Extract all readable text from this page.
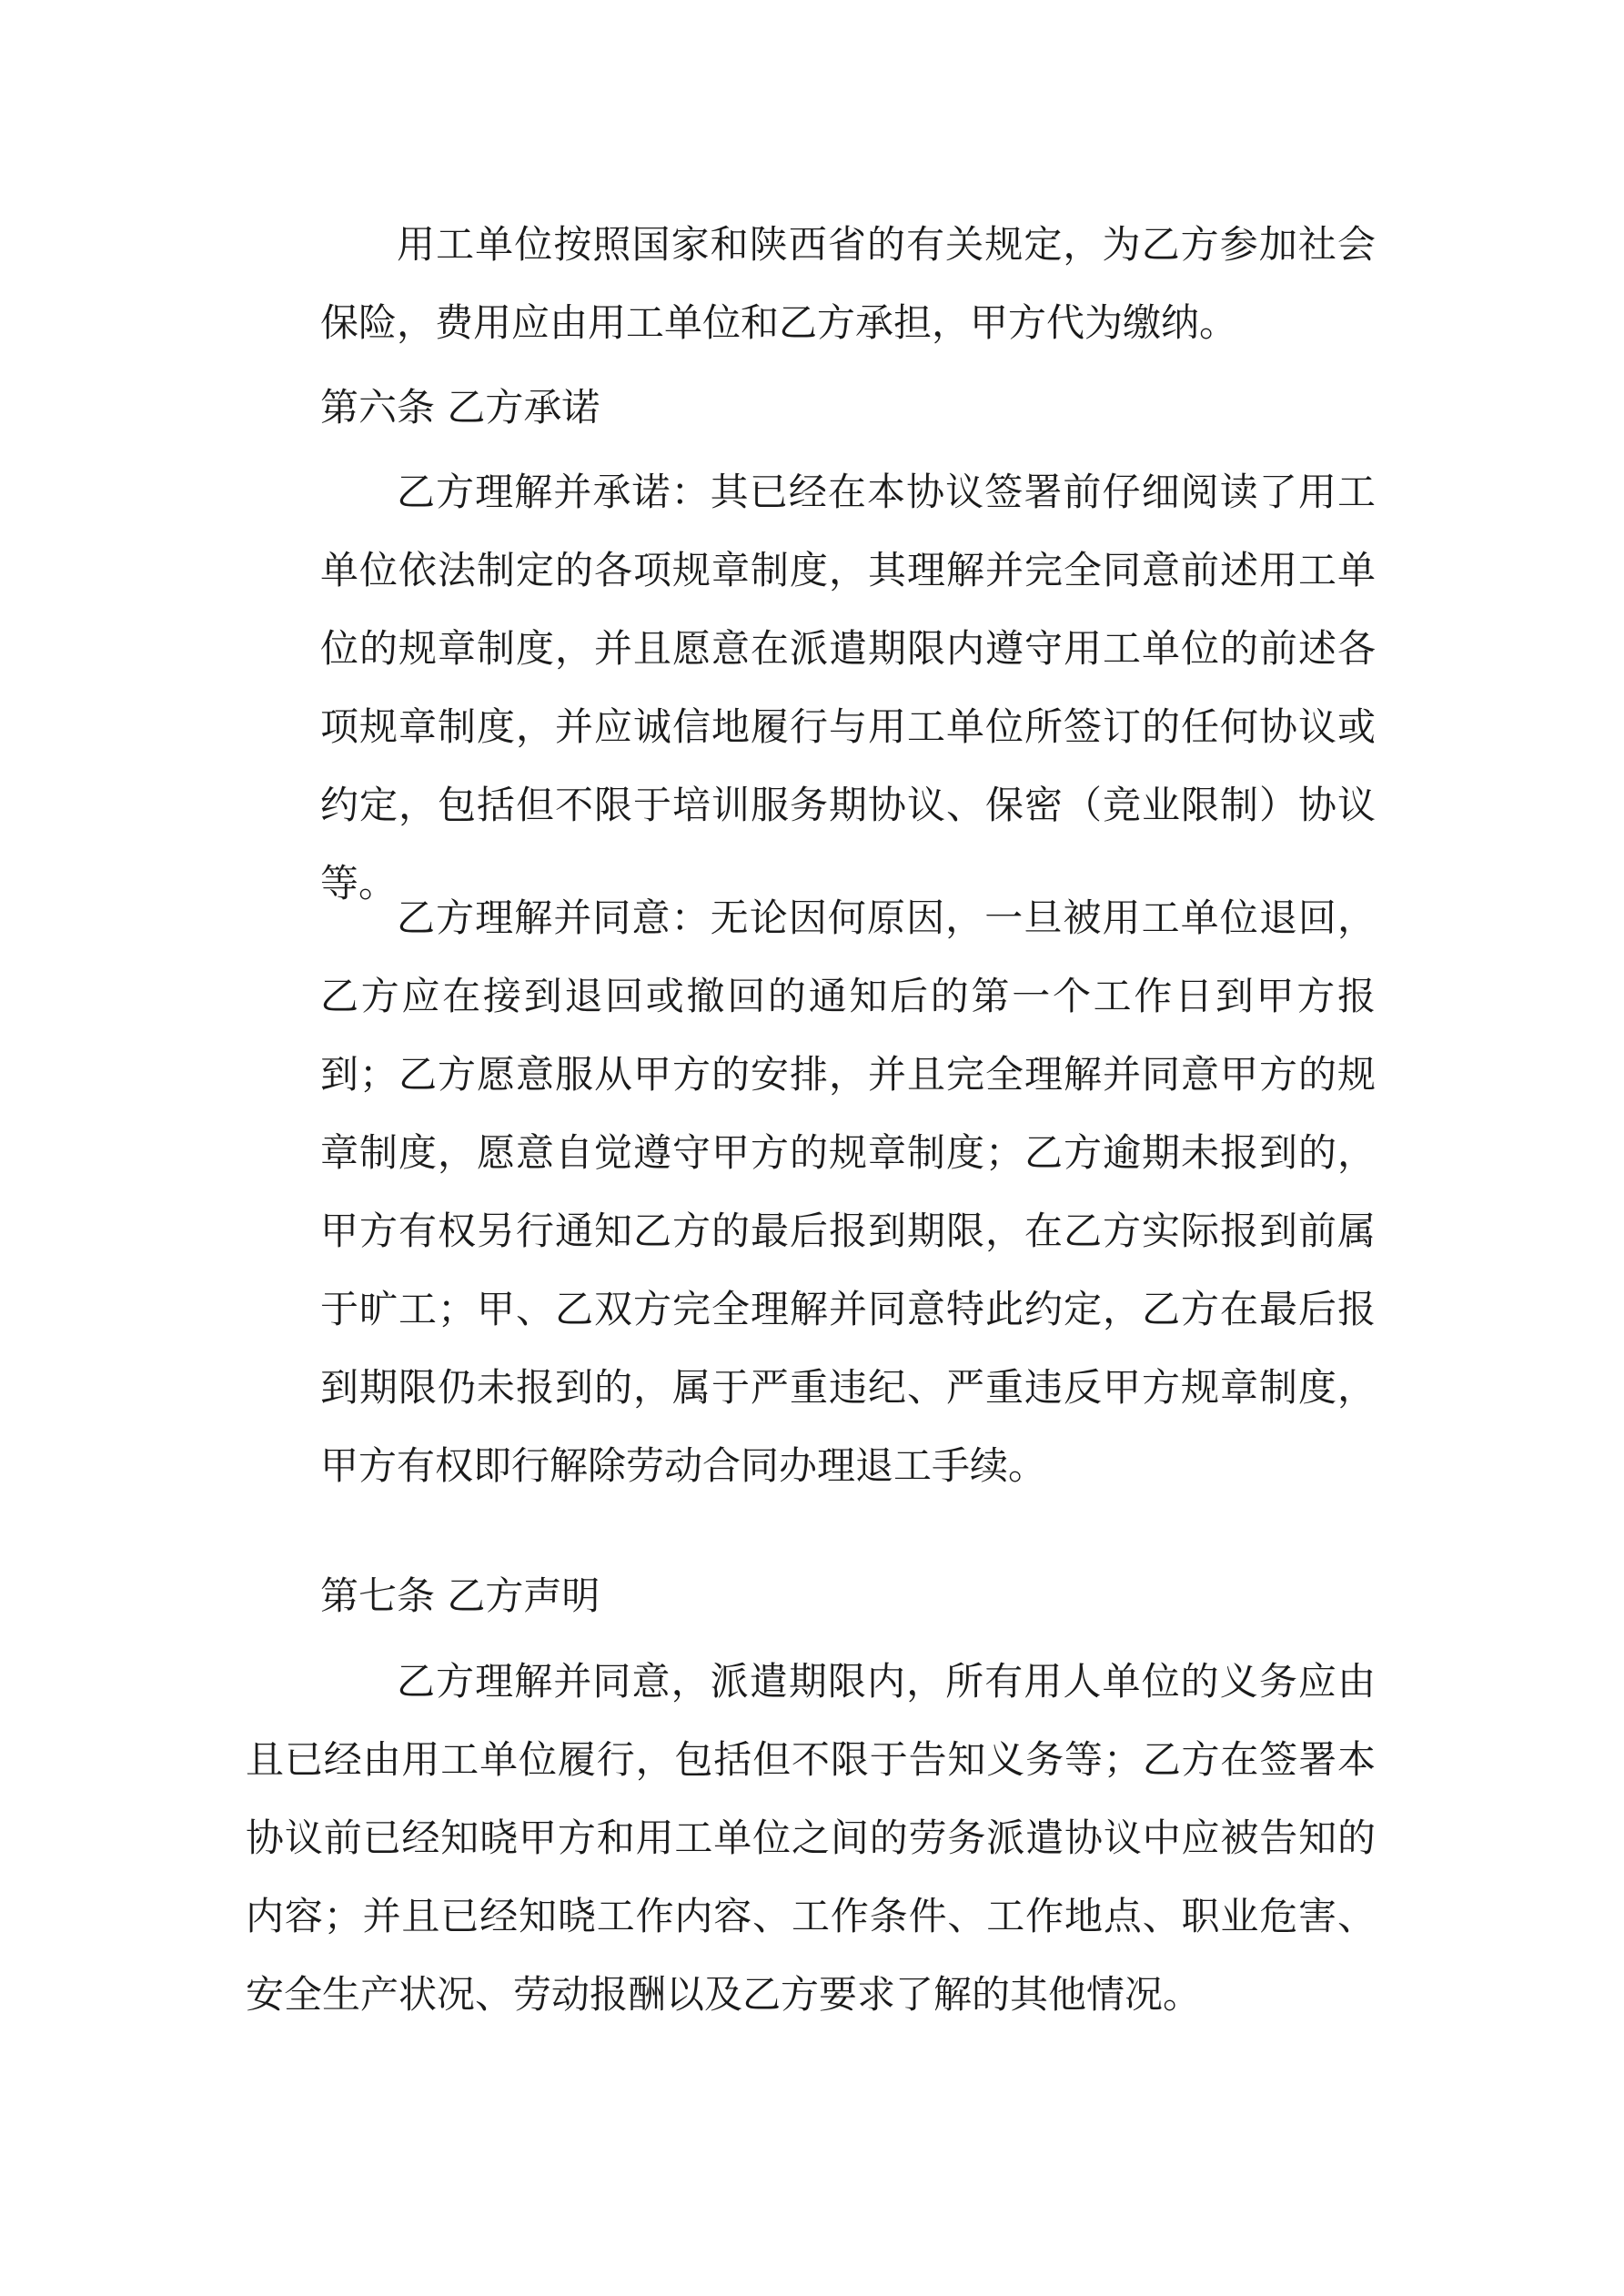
用工单位按照国家和陕西省的有关规定，为乙方参加社会保险，费用应由用工单位和乙方承担，甲方代为缴纳。
第六条 乙方承诺
乙方理解并承诺：其已经在本协议签署前仔细阅读了用工单位依法制定的各项规章制度，其理解并完全同意前述用工单位的规章制度，并且愿意在派遣期限内遵守用工单位的前述各项规章制度，并应诚信地履行与用工单位所签订的任何协议或约定，包括但不限于培训服务期协议、保密（竞业限制）协议等。
乙方理解并同意：无论因何原因，一旦被用工单位退回，乙方应在接到退回或撤回的通知后的第一个工作日到甲方报到；乙方愿意服从甲方的安排，并且完全理解并同意甲方的规章制度，愿意自觉遵守甲方的规章制度；乙方逾期未报到的，甲方有权另行通知乙方的最后报到期限，在乙方实际报到前属于旷工；甲、乙双方完全理解并同意特此约定，乙方在最后报到期限仍未报到的，属于严重违纪、严重违反甲方规章制度，甲方有权即行解除劳动合同办理退工手续。
第七条 乙方声明
乙方理解并同意，派遣期限内，所有用人单位的义务应由且已经由用工单位履行，包括但不限于告知义务等；乙方在签署本协议前已经知晓甲方和用工单位之间的劳务派遣协议中应被告知的内容；并且已经知晓工作内容、工作条件、工作地点、职业危害、安全生产状况、劳动报酬以及乙方要求了解的其他情况。
